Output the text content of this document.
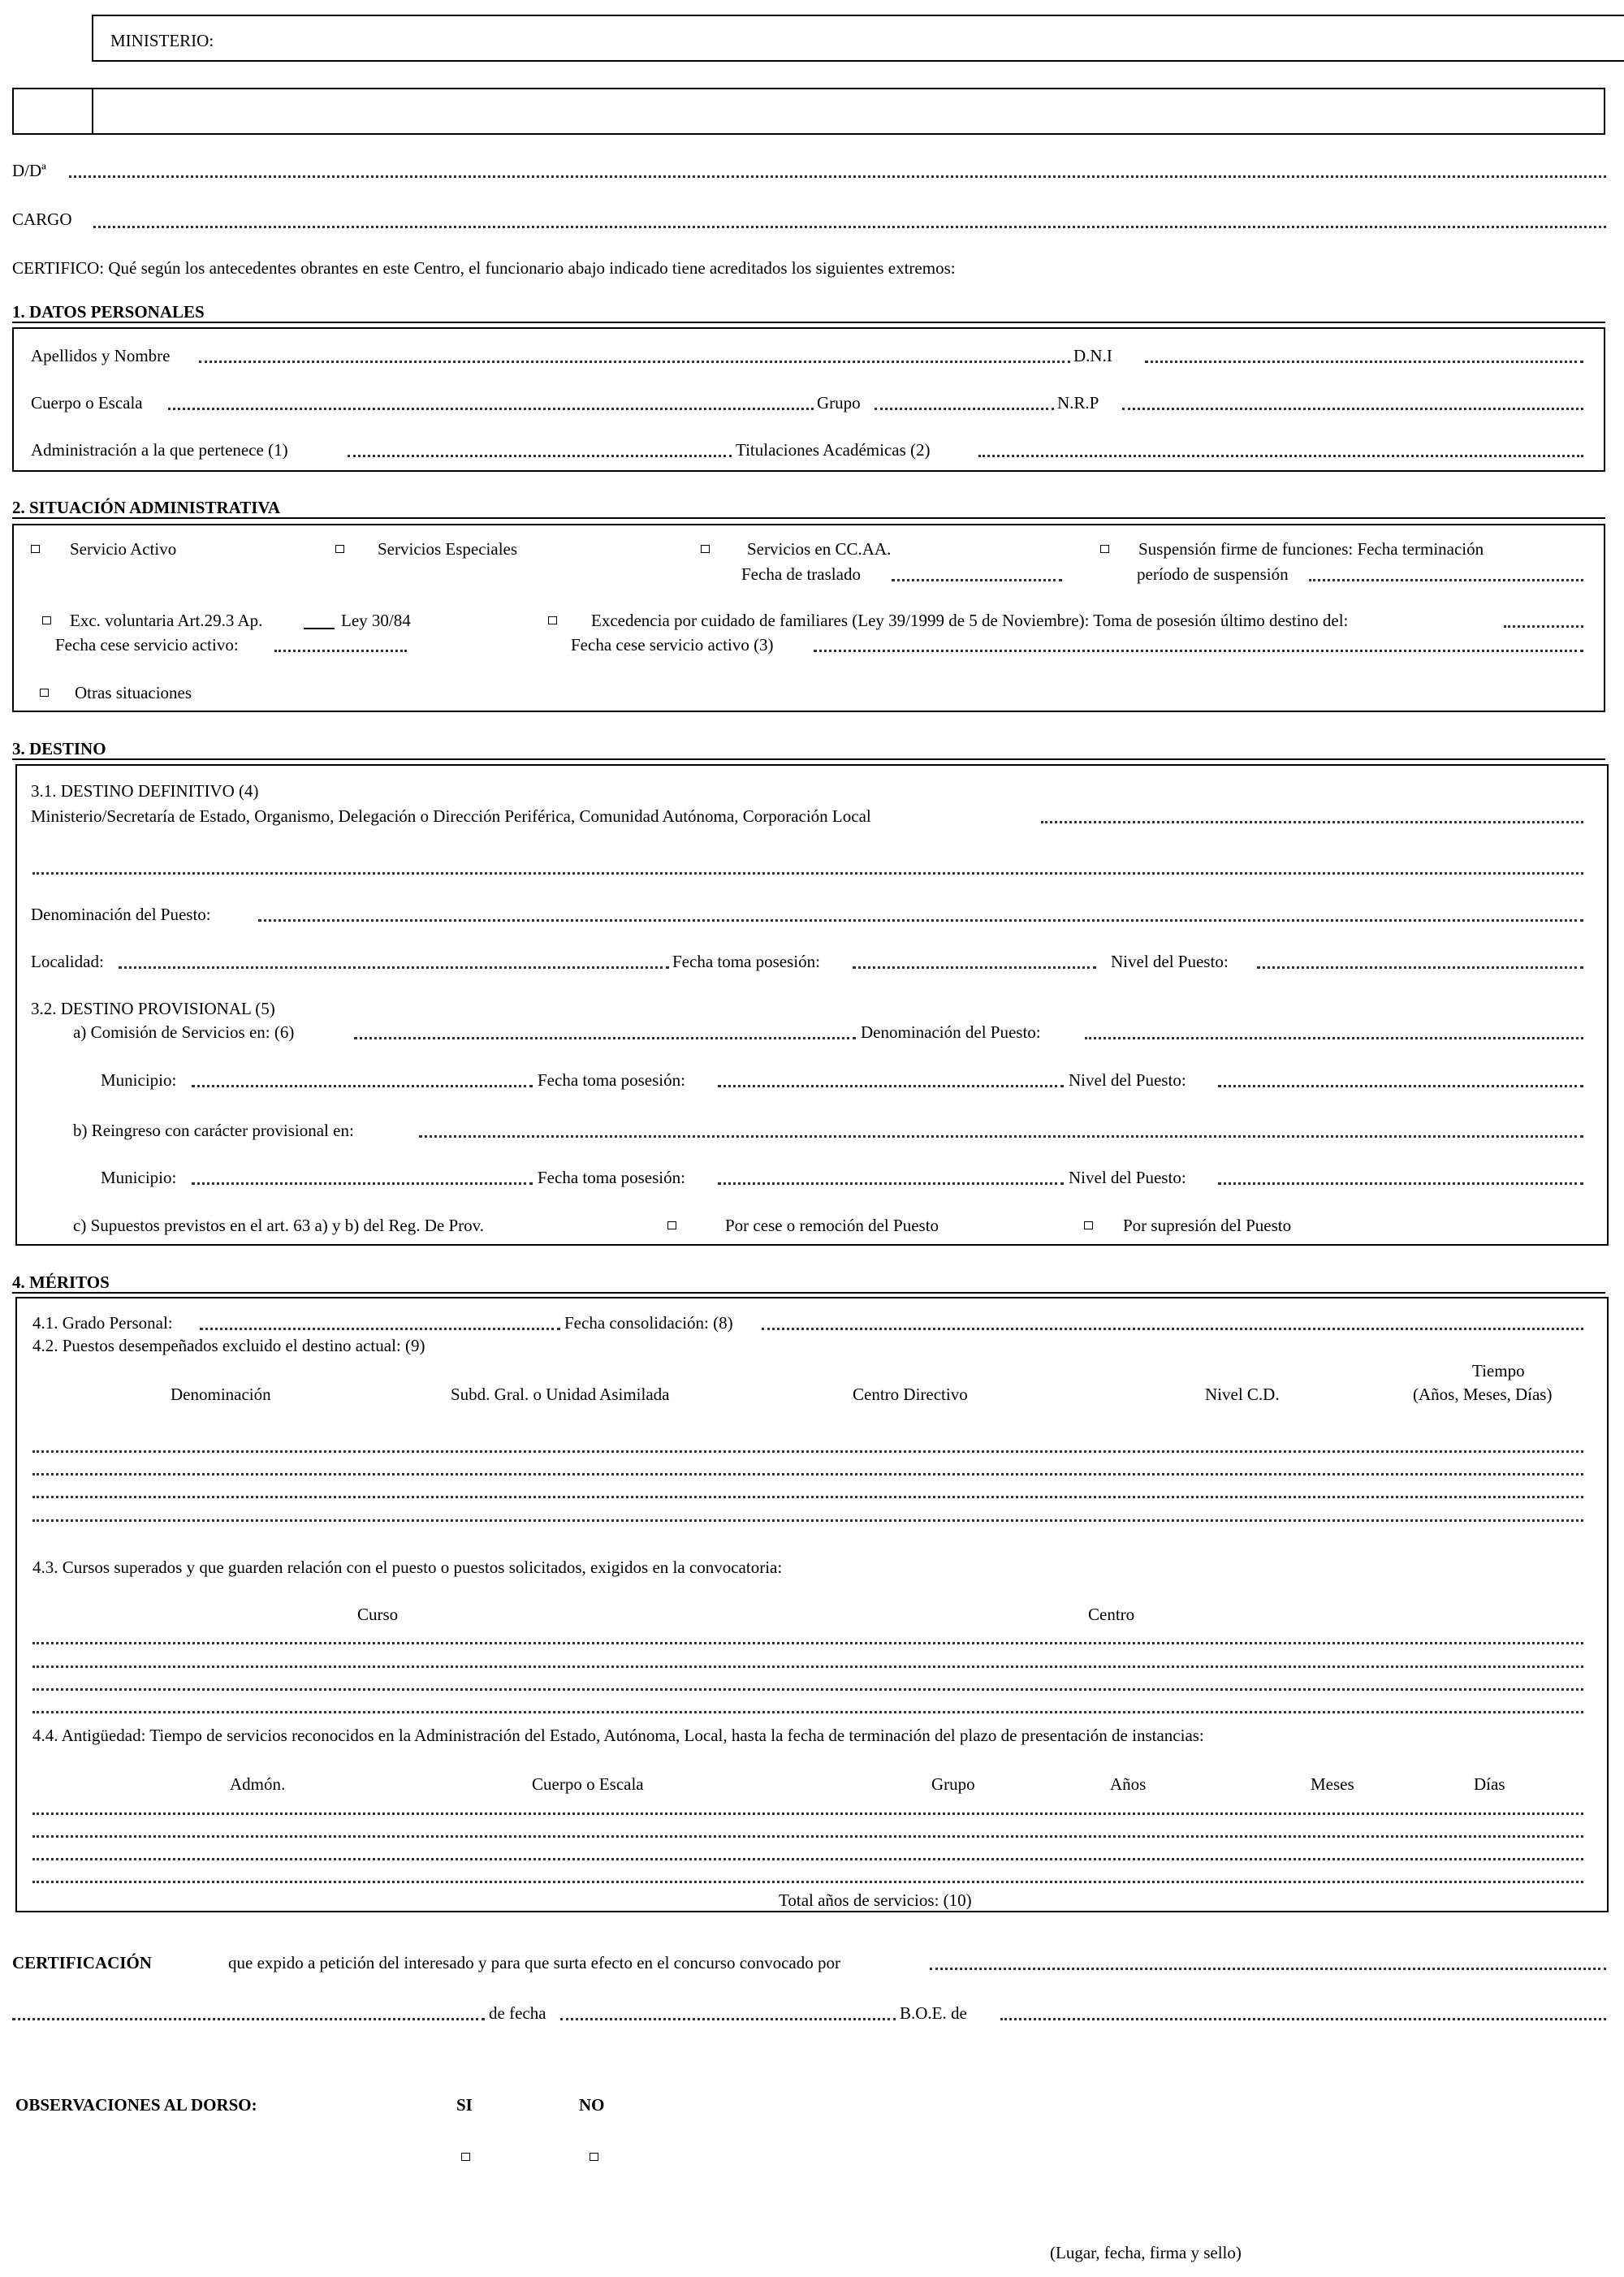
MINISTERIO:
D/Dª
CARGO
CERTIFICO: Qué según los antecedentes obrantes en este Centro, el funcionario abajo indicado tiene acreditados los siguientes extremos:
1. DATOS PERSONALES
Apellidos y Nombre	D.N.I
Cuerpo o Escala	Grupo	N.R.P
Administración a la que pertenece (1)	Titulaciones Académicas (2)
2. SITUACIÓN ADMINISTRATIVA
Servicio Activo	Servicios Especiales	Servicios en CC.AA.
Fecha de traslado
Suspensión firme de funciones: Fecha terminación
período de suspensión
Exc. voluntaria Art.29.3 Ap.	Ley 30/84
Fecha cese servicio activo:
Excedencia por cuidado de familiares (Ley 39/1999 de 5 de Noviembre): Toma de posesión último destino del:
Fecha cese servicio activo (3)
Otras situaciones
3. DESTINO
3.1. DESTINO DEFINITIVO (4)
Ministerio/Secretaría de Estado, Organismo, Delegación o Dirección Periférica, Comunidad Autónoma, Corporación Local
Denominación del Puesto:
Localidad:	Fecha toma posesión:	Nivel del Puesto:
3.2. DESTINO PROVISIONAL (5)
a) Comisión de Servicios en: (6)	Denominación del Puesto:
Municipio:	Fecha toma posesión:	Nivel del Puesto:
b) Reingreso con carácter provisional en:
Municipio:	Fecha toma posesión:	Nivel del Puesto:
c) Supuestos previstos en el art. 63 a) y b) del Reg. De Prov.	Por cese o remoción del Puesto	Por supresión del Puesto
4. MÉRITOS
4.1. Grado Personal:	Fecha consolidación: (8)
4.2. Puestos desempeñados excluido el destino actual: (9)
Tiempo
Denominación	Subd. Gral. o Unidad Asimilada	Centro Directivo	Nivel C.D.	(Años, Meses, Días)
4.3. Cursos superados y que guarden relación con el puesto o puestos solicitados, exigidos en la convocatoria:
Curso	Centro
4.4. Antigüedad: Tiempo de servicios reconocidos en la Administración del Estado, Autónoma, Local, hasta la fecha de terminación del plazo de presentación de instancias:
Admón.	Cuerpo o Escala	Grupo	Años	Meses	Días
Total años de servicios: (10)
CERTIFICACIÓN	que expido a petición del interesado y para que surta efecto en el concurso convocado por
de fecha	B.O.E. de
OBSERVACIONES AL DORSO:	SI	NO
(Lugar, fecha, firma y sello)
